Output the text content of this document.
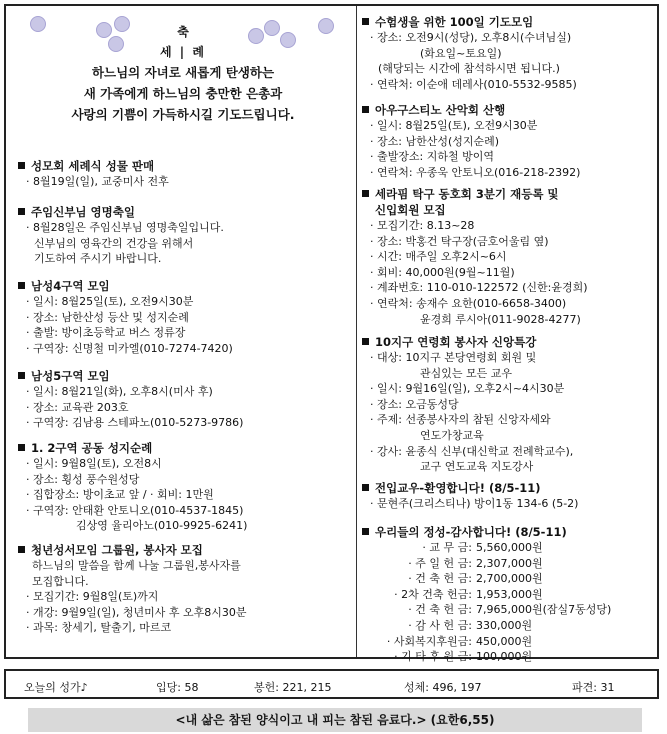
축
세 | 례
하느님의 자녀로 새롭게 탄생하는
새 가족에게 하느님의 충만한 은총과
사랑의 기쁨이 가득하시길 기도드립니다.
성모회 세례식 성물 판매
· 8월19일(일), 교중미사 전후
주임신부님 영명축일
· 8월28일은 주임신부님 영명축일입니다.
신부님의 영육간의 건강을 위해서
기도하여 주시기 바랍니다.
남성4구역 모임
· 일시: 8월25일(토), 오전9시30분
· 장소: 남한산성 등산 및 성지순례
· 출발: 방이초등학교 버스 정류장
· 구역장: 신명철 미카엘(010-7274-7420)
남성5구역 모임
· 일시: 8월21일(화), 오후8시(미사 후)
· 장소: 교육관 203호
· 구역장: 김남용 스테파노(010-5273-9786)
1. 2구역 공동 성지순례
· 일시: 9월8일(토), 오전8시
· 장소: 횡성 풍수원성당
· 집합장소: 방이초교 앞 / · 회비: 1만원
· 구역장: 안태환 안토니오(010-4537-1845)
김상영 율리아노(010-9925-6241)
청년성서모임 그룹원, 봉사자 모집
하느님의 말씀을 함께 나눌 그룹원,봉사자를
모집합니다.
· 모집기간: 9월8일(토)까지
· 개강: 9월9일(일), 청년미사 후 오후8시30분
· 과목: 창세기, 탈출기, 마르코
수험생을 위한 100일 기도모임
· 장소: 오전9시(성당), 오후8시(수녀님실)
(화요일~토요일)
(해당되는 시간에 참석하시면 됩니다.)
· 연락처: 이순애 데레사(010-5532-9585)
아우구스티노 산악회 산행
· 일시: 8월25일(토), 오전9시30분
· 장소: 남한산성(성지순례)
· 출발장소: 지하철 방이역
· 연락처: 우종욱 안토니오(016-218-2392)
세라핌 탁구 동호회 3분기 재등록 및
신입회원 모집
· 모집기간: 8.13~28
· 장소: 박홍건 탁구장(금호어울림 옆)
· 시간: 매주일 오후2시~6시
· 회비: 40,000원(9월~11월)
· 계좌번호: 110-010-122572 (신한:윤경희)
· 연락처: 송재수 요한(010-6658-3400)
윤경희 루시아(011-9028-4277)
10지구 연령회 봉사자 신앙특강
· 대상: 10지구 본당연령회 회원 및
관심있는 모든 교우
· 일시: 9월16일(일), 오후2시~4시30분
· 장소: 오금동성당
· 주제: 선종봉사자의 참된 신앙자세와
연도가창교육
· 강사: 윤종식 신부(대신학교 전례학교수),
교구 연도교육 지도강사
전입교우-환영합니다! (8/5-11)
· 문현주(크리스티나) 방이1동 134-6 (5-2)
우리들의 정성-감사합니다! (8/5-11)
· 교 무 금: 5,560,000원
· 주 일 헌 금: 2,307,000원
· 건 축 헌 금: 2,700,000원
· 2차 건축 헌금: 1,953,000원
· 건 축 헌 금: 7,965,000원(잠실7동성당)
· 감 사 헌 금: 330,000원
· 사회복지후원금: 450,000원
· 기 타 후 원 금: 100,000원
오늘의 성가♪	입당: 58	봉헌: 221, 215	성체: 496, 197	파견: 31
<내 삶은 참된 양식이고 내 피는 참된 음료다.> (요한6,55)
